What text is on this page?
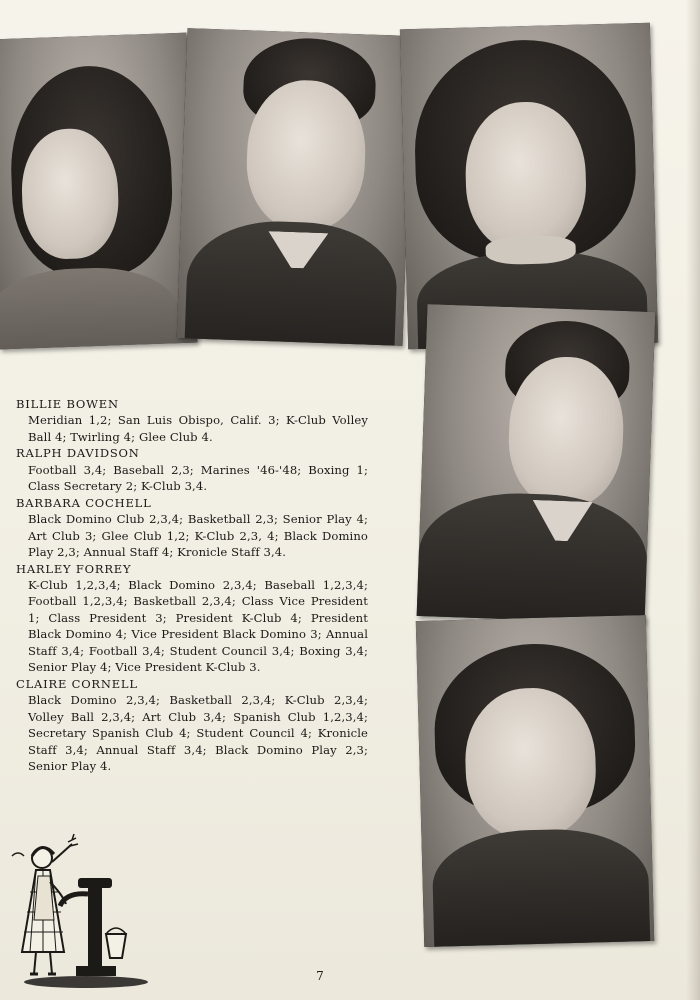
BILLIE BOWEN

Meridian 1,2; San Luis Obispo, Calif. 3; K-Club Volley Ball 4; Twirling 4; Glee Club 4.

RALPH DAVIDSON

Football 3,4; Baseball 2,3; Marines '46-'48; Boxing 1; Class Secretary 2; K-Club 3,4.

BARBARA COCHELL

Black Domino Club 2,3,4; Basketball 2,3; Senior Play 4; Art Club 3; Glee Club 1,2; K-Club 2,3, 4; Black Domino Play 2,3; Annual Staff 4; Kronicle Staff 3,4.

HARLEY FORREY

K-Club 1,2,3,4; Black Domino 2,3,4; Baseball 1,2,3,4; Football 1,2,3,4; Basketball 2,3,4; Class Vice President 1; Class President 3; President K-Club 4; President Black Domino 4; Vice President Black Domino 3; Annual Staff 3,4; Football 3,4; Student Council 3,4; Boxing 3,4; Senior Play 4; Vice President K-Club 3.

CLAIRE CORNELL

Black Domino 2,3,4; Basketball 2,3,4; K-Club 2,3,4; Volley Ball 2,3,4; Art Club 3,4; Spanish Club 1,2,3,4; Secretary Spanish Club 4; Student Council 4; Kronicle Staff 3,4; Annual Staff 3,4; Black Domino Play 2,3; Senior Play 4.

7
